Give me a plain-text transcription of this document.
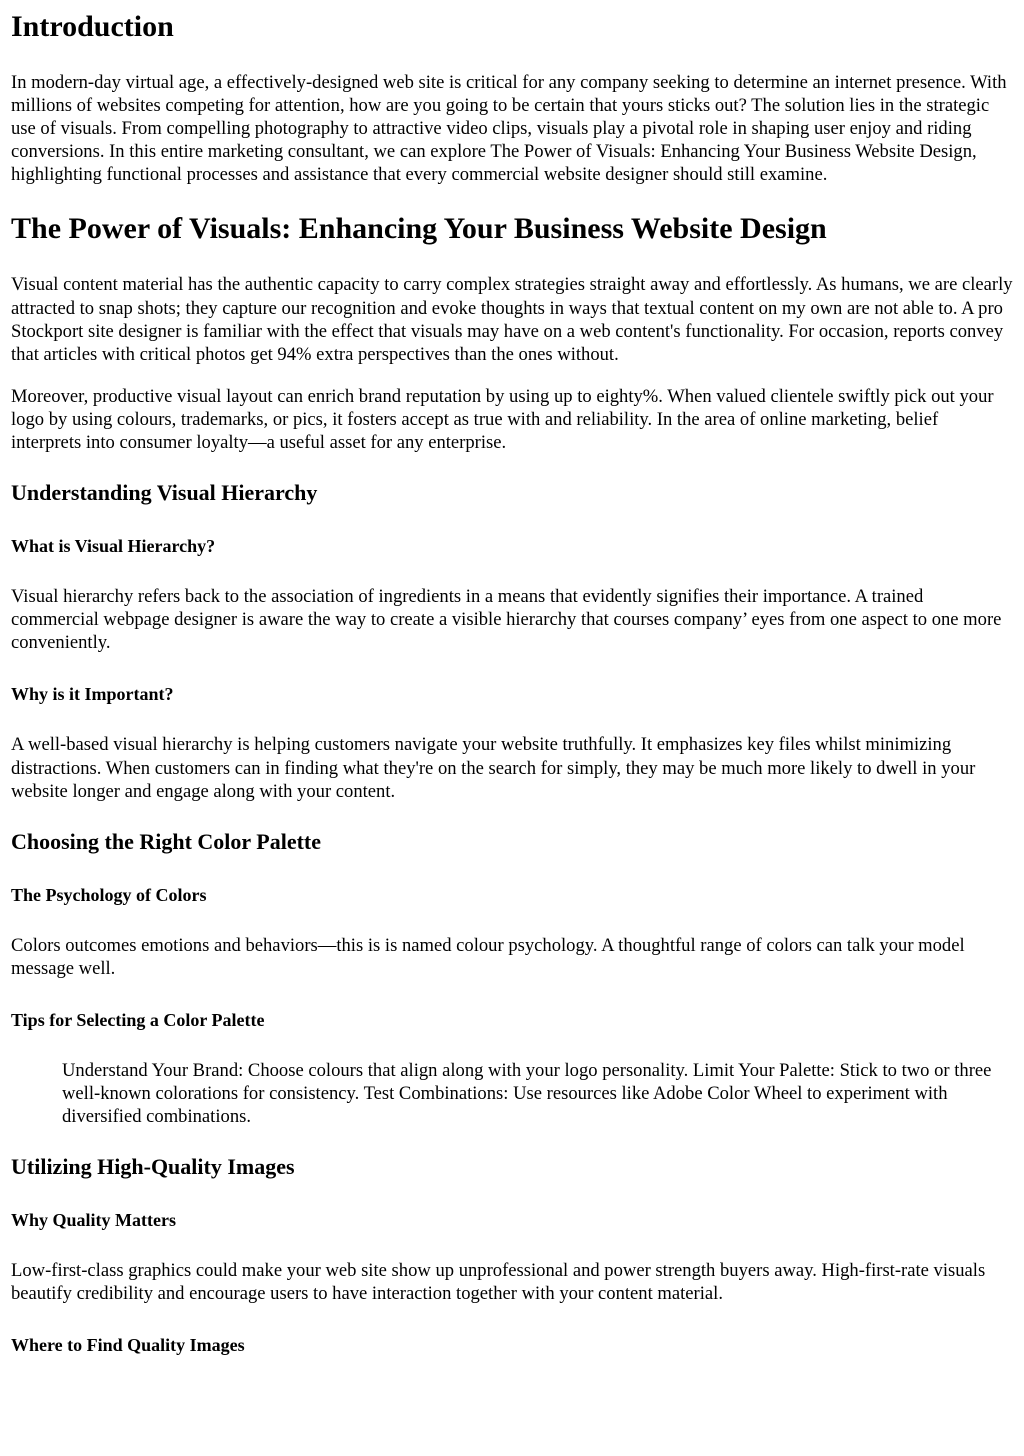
Introduction

In modern-day virtual age, a effectively-designed web site is critical for any company seeking to determine an internet presence. With millions of websites competing for attention, how are you going to be certain that yours sticks out? The solution lies in the strategic use of visuals. From compelling photography to attractive video clips, visuals play a pivotal role in shaping user enjoy and riding conversions. In this entire marketing consultant, we can explore The Power of Visuals: Enhancing Your Business Website Design, highlighting functional processes and assistance that every commercial website designer should still examine.

The Power of Visuals: Enhancing Your Business Website Design

Visual content material has the authentic capacity to carry complex strategies straight away and effortlessly. As humans, we are clearly attracted to snap shots; they capture our recognition and evoke thoughts in ways that textual content on my own are not able to. A pro Stockport site designer is familiar with the effect that visuals may have on a web content's functionality. For occasion, reports convey that articles with critical photos get 94% extra perspectives than the ones without.

Moreover, productive visual layout can enrich brand reputation by using up to eighty%. When valued clientele swiftly pick out your logo by using colours, trademarks, or pics, it fosters accept as true with and reliability. In the area of online marketing, belief interprets into consumer loyalty—a useful asset for any enterprise.

Understanding Visual Hierarchy
What is Visual Hierarchy?

Visual hierarchy refers back to the association of ingredients in a means that evidently signifies their importance. A trained commercial webpage designer is aware the way to create a visible hierarchy that courses company’ eyes from one aspect to one more conveniently.

Why is it Important?

A well-based visual hierarchy is helping customers navigate your website truthfully. It emphasizes key files whilst minimizing distractions. When customers can in finding what they're on the search for simply, they may be much more likely to dwell in your website longer and engage along with your content.

Choosing the Right Color Palette
The Psychology of Colors

Colors outcomes emotions and behaviors—this is is named colour psychology. A thoughtful range of colors can talk your model message well.

Tips for Selecting a Color Palette
Understand Your Brand: Choose colours that align along with your logo personality. Limit Your Palette: Stick to two or three well-known colorations for consistency. Test Combinations: Use resources like Adobe Color Wheel to experiment with diversified combinations.
Utilizing High-Quality Images
Why Quality Matters

Low-first-class graphics could make your web site show up unprofessional and power strength buyers away. High-first-rate visuals beautify credibility and encourage users to have interaction together with your content material.

Where to Find Quality Images
